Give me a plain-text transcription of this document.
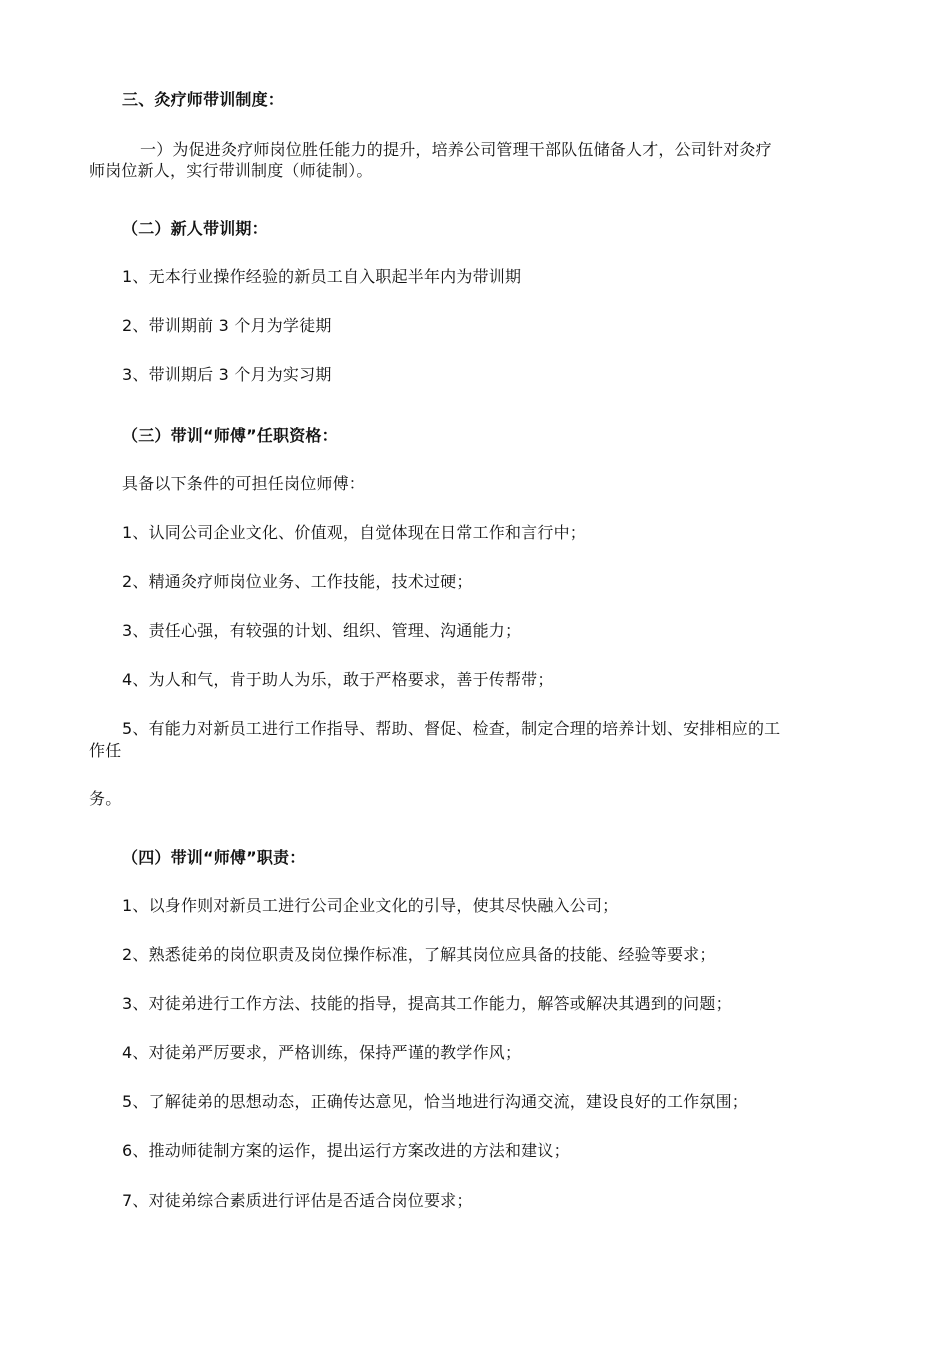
三、灸疗师带训制度：
一）为促进灸疗师岗位胜任能力的提升，培养公司管理干部队伍储备人才，公司针对灸疗
师岗位新人，实行带训制度（师徒制）。
（二）新人带训期：
1、无本行业操作经验的新员工自入职起半年内为带训期
2、带训期前 3 个月为学徒期
3、带训期后 3 个月为实习期
（三）带训“师傅”任职资格：
具备以下条件的可担任岗位师傅：
1、认同公司企业文化、价值观，自觉体现在日常工作和言行中；
2、精通灸疗师岗位业务、工作技能，技术过硬；
3、责任心强，有较强的计划、组织、管理、沟通能力；
4、为人和气，肯于助人为乐，敢于严格要求，善于传帮带；
5、有能力对新员工进行工作指导、帮助、督促、检查，制定合理的培养计划、安排相应的工
作任
务。
（四）带训“师傅”职责：
1、以身作则对新员工进行公司企业文化的引导，使其尽快融入公司；
2、熟悉徒弟的岗位职责及岗位操作标准，了解其岗位应具备的技能、经验等要求；
3、对徒弟进行工作方法、技能的指导，提高其工作能力，解答或解决其遇到的问题；
4、对徒弟严厉要求，严格训练，保持严谨的教学作风；
5、了解徒弟的思想动态，正确传达意见，恰当地进行沟通交流，建设良好的工作氛围；
6、推动师徒制方案的运作，提出运行方案改进的方法和建议；
7、对徒弟综合素质进行评估是否适合岗位要求；
